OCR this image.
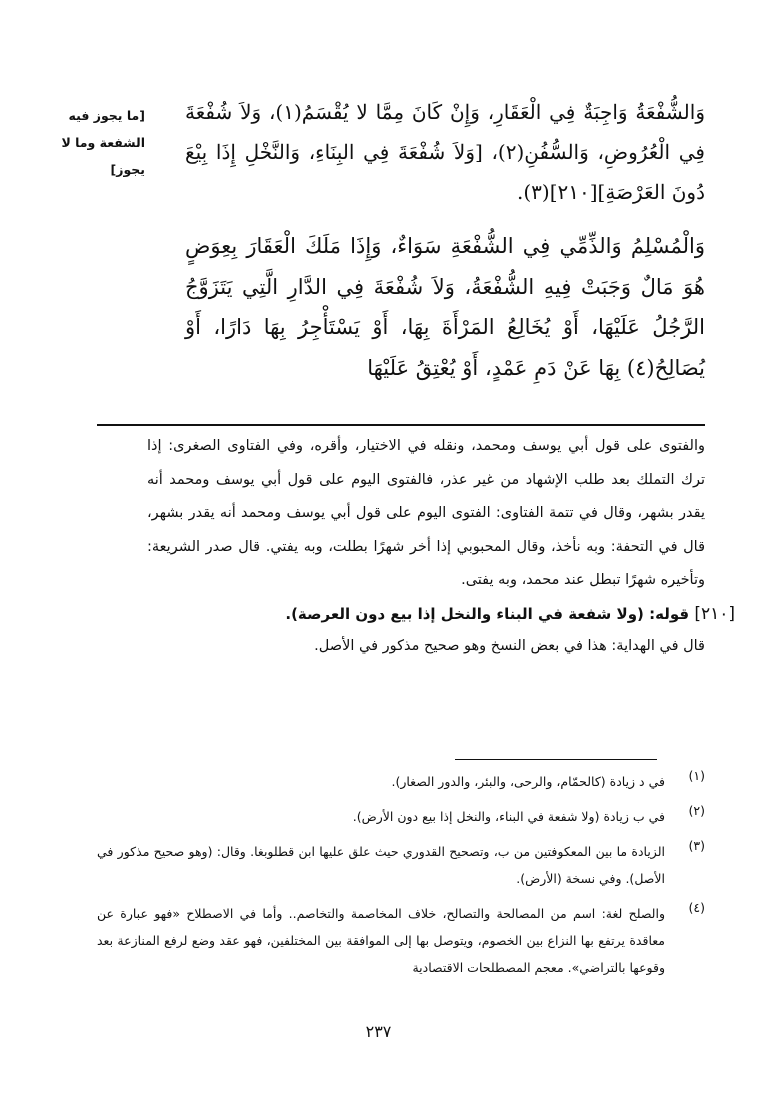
[ما يجوز فيه
الشفعة وما لا
يجوز]

وَالشُّفْعَةُ وَاجِبَةٌ فِي الْعَقَارِ، وَإِنْ كَانَ مِمَّا لا يُقْسَمُ(١)، وَلاَ شُفْعَةَ فِي الْعُرُوضِ، وَالسُّفُنِ(٢)، [وَلاَ شُفْعَةَ فِي البِنَاءِ، وَالنَّخْلِ إِذَا بِيْعَ دُونَ العَرْصَةِ][٢١٠](٣).

وَالْمُسْلِمُ وَالذِّمِّي فِي الشُّفْعَةِ سَوَاءٌ، وَإِذَا مَلَكَ الْعَقَارَ بِعِوَضٍ هُوَ مَالٌ وَجَبَتْ فِيهِ الشُّفْعَةُ، وَلاَ شُفْعَةَ فِي الدَّارِ الَّتِي يَتَزَوَّجُ الرَّجُلُ عَلَيْهَا، أَوْ يُخَالِعُ المَرْأَةَ بِهَا، أَوْ يَسْتَأْجِرُ بِهَا دَارًا، أَوْ يُصَالِحُ(٤) بِهَا عَنْ دَمِ عَمْدٍ، أَوْ يُعْتِقُ عَلَيْهَا

والفتوى على قول أبي يوسف ومحمد، ونقله في الاختيار، وأقره، وفي الفتاوى الصغرى: إذا ترك التملك بعد طلب الإشهاد من غير عذر، فالفتوى اليوم على قول أبي يوسف ومحمد أنه يقدر بشهر، وقال في تتمة الفتاوى: الفتوى اليوم على قول أبي يوسف ومحمد أنه يقدر بشهر، قال في التحفة: وبه نأخذ، وقال المحبوبي إذا أخر شهرًا بطلت، وبه يفتي. قال صدر الشريعة: وتأخيره شهرًا تبطل عند محمد، وبه يفتى.

[٢١٠] قوله: (ولا شفعة في البناء والنخل إذا بيع دون العرصة).

قال في الهداية: هذا في بعض النسخ وهو صحيح مذكور في الأصل.

(١)
في د زيادة (كالحمّام، والرحى، والبئر، والدور الصغار).
(٢)
في ب زيادة (ولا شفعة في البناء، والنخل إذا بيع دون الأرض).
(٣)
الزيادة ما بين المعكوفتين من ب، وتصحيح القدوري حيث علق عليها ابن قطلوبغا. وقال: (وهو صحيح مذكور في الأصل). وفي نسخة (الأرض).
(٤)
والصلح لغة: اسم من المصالحة والتصالح، خلاف المخاصمة والتخاصم.. وأما في الاصطلاح «فهو عبارة عن معاقدة يرتفع بها النزاع بين الخصوم، ويتوصل بها إلى الموافقة بين المختلفين، فهو عقد وضع لرفع المنازعة بعد وقوعها بالتراضي». معجم المصطلحات الاقتصادية
٢٣٧
